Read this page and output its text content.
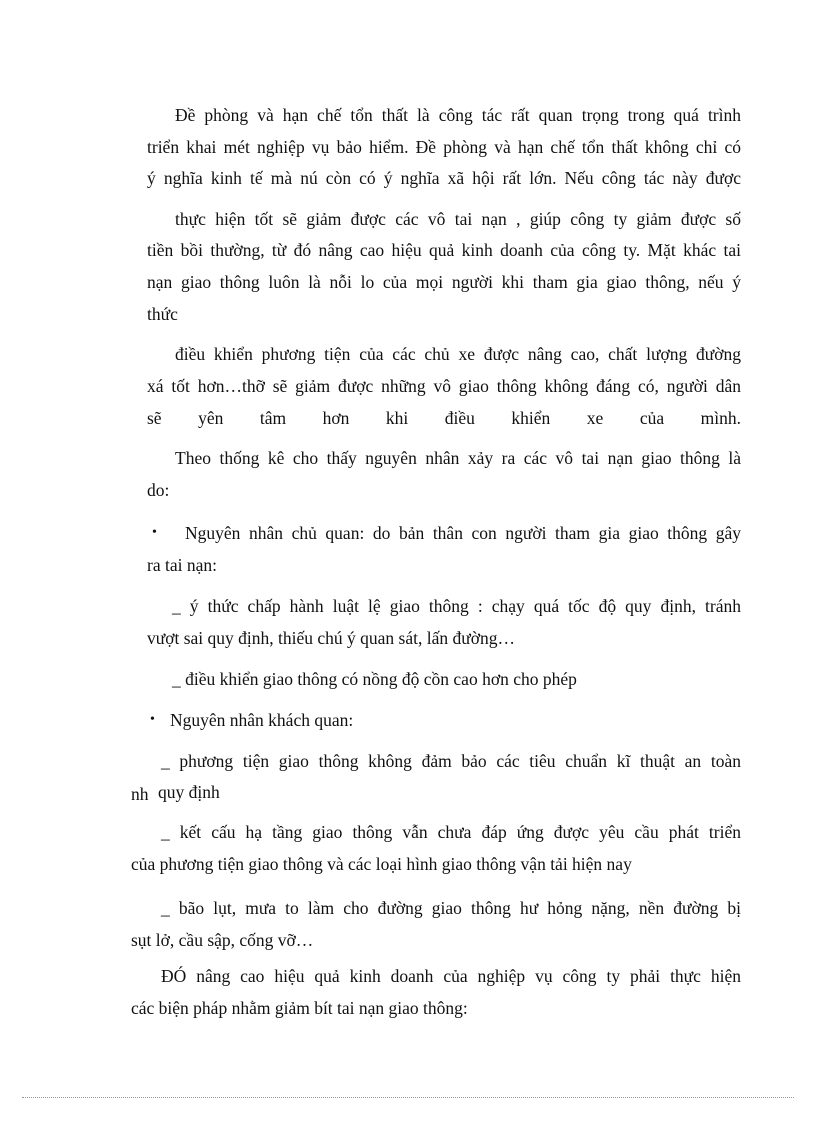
Đề phòng và hạn chế tổn thất là công tác rất quan trọng trong quá trình
triển khai mét nghiệp vụ bảo hiểm. Đề phòng và hạn chế tổn thất không chỉ có
ý nghĩa kinh tế mà nú còn có ý nghĩa xã hội rất lớn. Nếu công tác này được
thực hiện tốt sẽ giảm được các vô tai nạn , giúp công ty giảm được số
tiền bồi thường, từ đó nâng cao hiệu quả kinh doanh của công ty. Mặt khác tai
nạn giao thông luôn là nỗi lo của mọi người khi tham gia giao thông, nếu ý
thức
điều khiển phương tiện của các chủ xe được nâng cao, chất lượng đường
xá tốt hơn…thỡ sẽ giảm được những vô giao thông không đáng có, người dân
sẽ yên tâm hơn khi điều khiển xe của mình.
Theo thống kê cho thấy nguyên nhân xảy ra các vô tai nạn giao thông là
do:
• Nguyên nhân chủ quan: do bản thân con người tham gia giao thông gây
ra tai nạn:
_ ý thức chấp hành luật lệ giao thông : chạy quá tốc độ quy định, tránh
vượt sai quy định, thiếu chú ý quan sát, lấn đường…
_ điều khiển giao thông có nồng độ cồn cao hơn cho phép
• Nguyên nhân khách quan:
_ phương tiện giao thông không đảm bảo các tiêu chuẩn kĩ thuật an toàn
nh quy định
_ kết cấu hạ tầng giao thông vẫn chưa đáp ứng được yêu cầu phát triển
của phương tiện giao thông và các loại hình giao thông vận tải hiện nay
_ bão lụt, mưa to làm cho đường giao thông hư hỏng nặng, nền đường bị
sụt lở, cầu sập, cống vỡ…
ĐÓ nâng cao hiệu quả kinh doanh của nghiệp vụ công ty phải thực hiện
các biện pháp nhằm giảm bít tai nạn giao thông:
